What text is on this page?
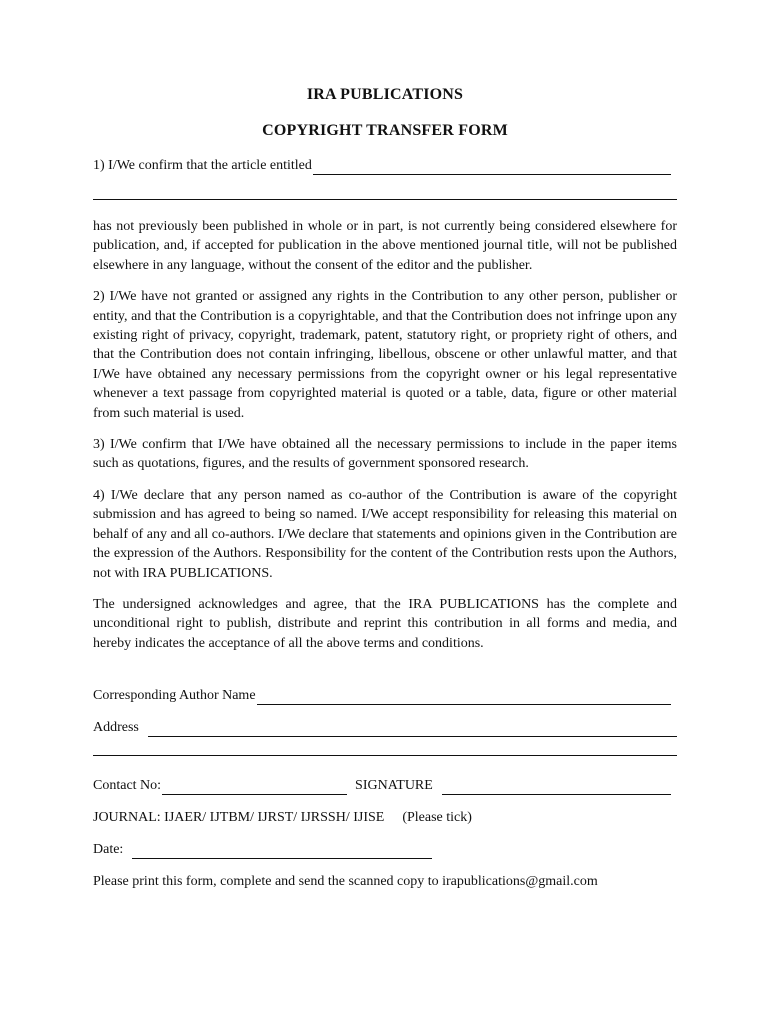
IRA PUBLICATIONS
COPYRIGHT TRANSFER FORM
1) I/We confirm that the article entitled

has not previously been published in whole or in part, is not currently being considered elsewhere for publication, and, if accepted for publication in the above mentioned journal title, will not be published elsewhere in any language, without the consent of the editor and the publisher.

2) I/We have not granted or assigned any rights in the Contribution to any other person, publisher or entity, and that the Contribution is a copyrightable, and that the Contribution does not infringe upon any existing right of privacy, copyright, trademark, patent, statutory right, or propriety right of others, and that the Contribution does not contain infringing, libellous, obscene or other unlawful matter, and that I/We have obtained any necessary permissions from the copyright owner or his legal representative whenever a text passage from copyrighted material is quoted or a table, data, figure or other material from such material is used.

3) I/We confirm that I/We have obtained all the necessary permissions to include in the paper items such as quotations, figures, and the results of government sponsored research.

4) I/We declare that any person named as co-author of the Contribution is aware of the copyright submission and has agreed to being so named. I/We accept responsibility for releasing this material on behalf of any and all co-authors. I/We declare that statements and opinions given in the Contribution are the expression of the Authors. Responsibility for the content of the Contribution rests upon the Authors, not with IRA PUBLICATIONS.

The undersigned acknowledges and agree, that the IRA PUBLICATIONS has the complete and unconditional right to publish, distribute and reprint this contribution in all forms and media, and hereby indicates the acceptance of all the above terms and conditions.

Corresponding Author Name
Address
Contact No:	SIGNATURE
JOURNAL: IJAER/ IJTBM/ IJRST/ IJRSSH/ IJISE (Please tick)
Date:

Please print this form, complete and send the scanned copy to irapublications@gmail.com
